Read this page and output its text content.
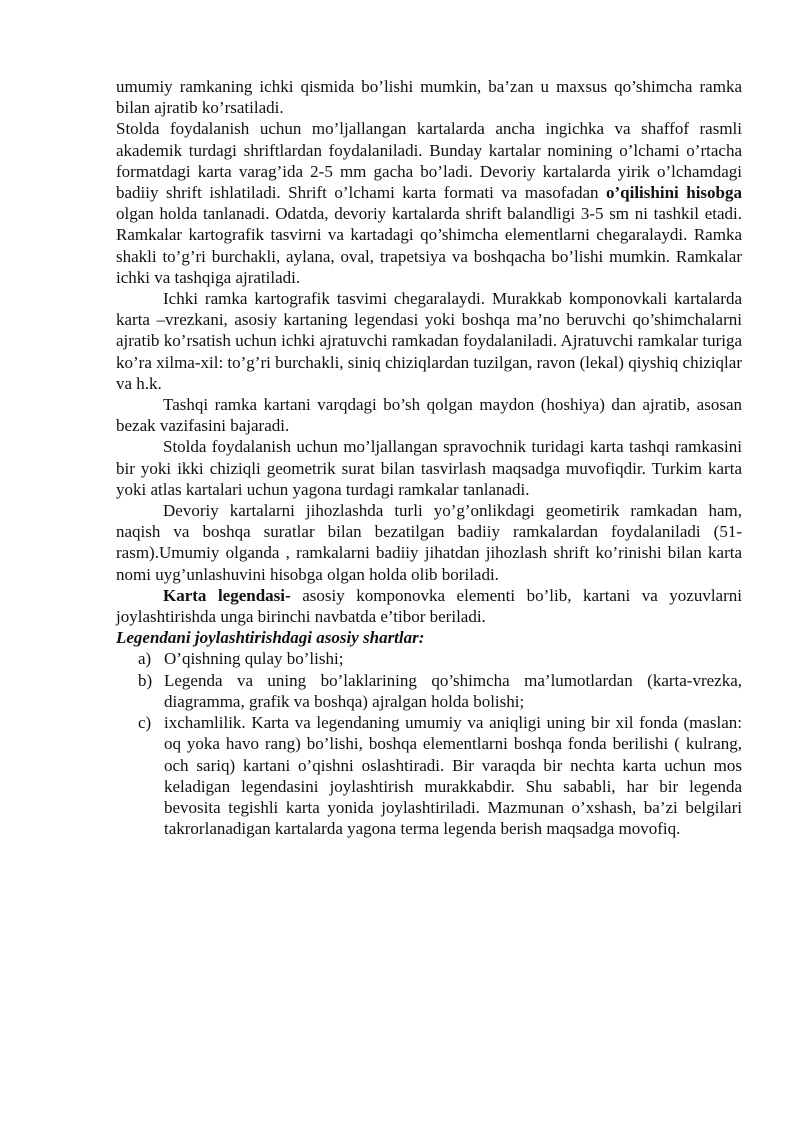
umumiy ramkaning ichki qismida bo’lishi mumkin, ba’zan u maxsus qo’shimcha ramka bilan ajratib ko’rsatiladi.

Stolda foydalanish uchun mo’ljallangan kartalarda ancha ingichka va shaffof rasmli akademik turdagi shriftlardan foydalaniladi. Bunday kartalar nomining o’lchami o’rtacha formatdagi karta varag’ida 2-5 mm gacha bo’ladi. Devoriy kartalarda yirik o’lchamdagi badiiy shrift ishlatiladi. Shrift o’lchami karta formati va masofadan o’qilishini hisobga olgan holda tanlanadi. Odatda, devoriy kartalarda shrift balandligi 3-5 sm ni tashkil etadi. Ramkalar kartografik tasvirni va kartadagi qo’shimcha elementlarni chegaralaydi. Ramka shakli to’g’ri burchakli, aylana, oval, trapetsiya va boshqacha bo’lishi mumkin. Ramkalar ichki va tashqiga ajratiladi.

Ichki ramka kartografik tasvimi chegaralaydi. Murakkab komponovkali kartalarda karta –vrezkani, asosiy kartaning legendasi yoki boshqa ma’no beruvchi qo’shimchalarni ajratib ko’rsatish uchun ichki ajratuvchi ramkadan foydalaniladi. Ajratuvchi ramkalar turiga ko’ra xilma-xil: to’g’ri burchakli, siniq chiziqlardan tuzilgan, ravon (lekal) qiyshiq chiziqlar va h.k.

Tashqi ramka kartani varqdagi bo’sh qolgan maydon (hoshiya) dan ajratib, asosan bezak vazifasini bajaradi.

Stolda foydalanish uchun mo’ljallangan spravochnik turidagi karta tashqi ramkasini bir yoki ikki chiziqli geometrik surat bilan tasvirlash maqsadga muvofiqdir. Turkim karta yoki atlas kartalari uchun yagona turdagi ramkalar tanlanadi.

Devoriy kartalarni jihozlashda turli yo’g’onlikdagi geometirik ramkadan ham, naqish va boshqa suratlar bilan bezatilgan badiiy ramkalardan foydalaniladi (51-rasm).Umumiy olganda , ramkalarni badiiy jihatdan jihozlash shrift ko’rinishi bilan karta nomi uyg’unlashuvini hisobga olgan holda olib boriladi.

Karta legendasi- asosiy komponovka elementi bo’lib, kartani va yozuvlarni joylashtirishda unga birinchi navbatda e’tibor beriladi.

Legendani joylashtirishdagi asosiy shartlar:

a) O’qishning qulay bo’lishi;
b) Legenda va uning bo’laklarining qo’shimcha ma’lumotlardan (karta-vrezka, diagramma, grafik va boshqa) ajralgan holda bolishi;
c) ixchamlilik. Karta va legendaning umumiy va aniqligi uning bir xil fonda (maslan: oq yoka havo rang) bo’lishi, boshqa elementlarni boshqa fonda berilishi ( kulrang, och sariq) kartani o’qishni oslashtiradi. Bir varaqda bir nechta karta uchun mos keladigan legendasini joylashtirish murakkabdir. Shu sababli, har bir legenda bevosita tegishli karta yonida joylashtiriladi. Mazmunan o’xshash, ba’zi belgilari takrorlanadigan kartalarda yagona terma legenda berish maqsadga movofiq.
